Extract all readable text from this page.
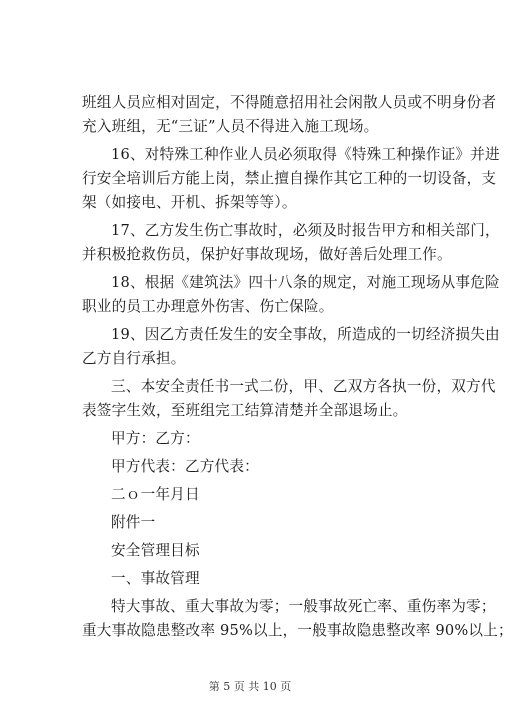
班组人员应相对固定，不得随意招用社会闲散人员或不明身份者
充入班组，无“三证”人员不得进入施工现场。
16、对特殊工种作业人员必须取得《特殊工种操作证》并进
行安全培训后方能上岗，禁止擅自操作其它工种的一切设备，支
架（如接电、开机、拆架等等）。
17、乙方发生伤亡事故时，必须及时报告甲方和相关部门，
并积极抢救伤员，保护好事故现场，做好善后处理工作。
18、根据《建筑法》四十八条的规定，对施工现场从事危险
职业的员工办理意外伤害、伤亡保险。
19、因乙方责任发生的安全事故，所造成的一切经济损失由
乙方自行承担。
三、本安全责任书一式二份，甲、乙双方各执一份，双方代
表签字生效，至班组完工结算清楚并全部退场止。
甲方：乙方：
甲方代表：乙方代表：
二ｏ一年月日
附件一
安全管理目标
一、事故管理
特大事故、重大事故为零；一般事故死亡率、重伤率为零；
重大事故隐患整改率 95%以上，一般事故隐患整改率 90%以上；
第 5 页 共 10 页
